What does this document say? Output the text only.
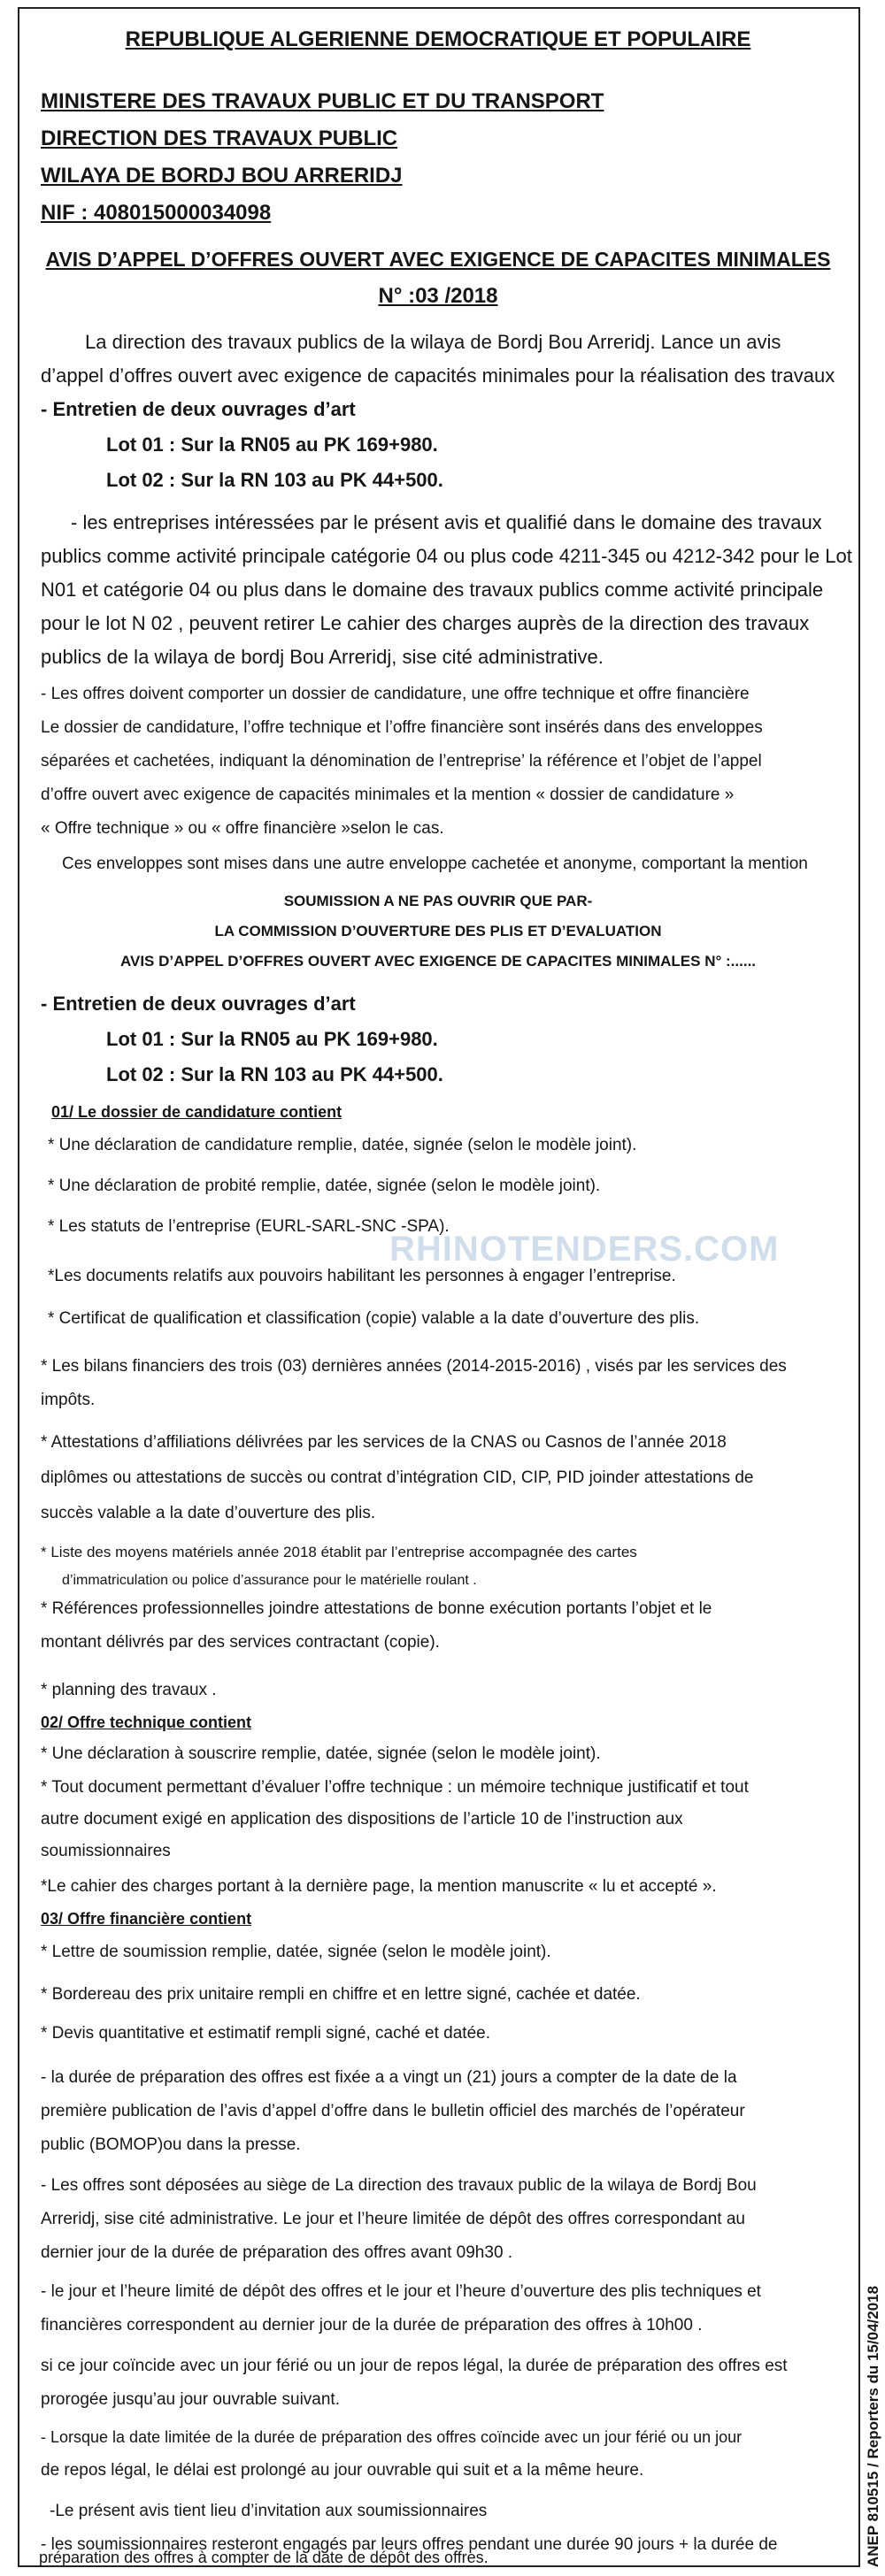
REPUBLIQUE ALGERIENNE DEMOCRATIQUE ET POPULAIRE
MINISTERE DES TRAVAUX PUBLIC ET DU TRANSPORT
DIRECTION DES TRAVAUX PUBLIC
WILAYA DE BORDJ BOU ARRERIDJ
NIF : 408015000034098
AVIS D’APPEL D’OFFRES OUVERT AVEC EXIGENCE DE CAPACITES MINIMALES
N° :03 /2018
La direction des travaux publics de la wilaya de Bordj Bou Arreridj. Lance un avis
d’appel d’offres ouvert avec exigence de capacités minimales pour la réalisation des travaux
- Entretien de deux ouvrages d’art
Lot 01 : Sur la RN05 au PK 169+980.
Lot 02 : Sur la RN 103 au PK 44+500.
- les entreprises intéressées par le présent avis et qualifié dans le domaine des travaux
publics comme activité principale catégorie 04 ou plus code 4211-345 ou 4212-342 pour le Lot
N01 et catégorie 04 ou plus dans le domaine des travaux publics comme activité principale
pour le lot N 02 , peuvent retirer Le cahier des charges auprès de la direction des travaux
publics de la wilaya de bordj Bou Arreridj, sise cité administrative.
- Les offres doivent comporter un dossier de candidature, une offre technique et offre financière
Le dossier de candidature, l’offre technique et l’offre financière sont insérés dans des enveloppes
séparées et cachetées, indiquant la dénomination de l’entreprise’ la référence et l’objet de l’appel
d’offre ouvert avec exigence de capacités minimales et la mention « dossier de candidature »
« Offre technique » ou « offre financière »selon le cas.
Ces enveloppes sont mises dans une autre enveloppe cachetée et anonyme, comportant la mention
SOUMISSION A NE PAS OUVRIR QUE PAR-
LA COMMISSION D’OUVERTURE DES PLIS ET D’EVALUATION
AVIS D’APPEL D’OFFRES OUVERT AVEC EXIGENCE DE CAPACITES MINIMALES N° :......
- Entretien de deux ouvrages d’art
Lot 01 : Sur la RN05 au PK 169+980.
Lot 02 : Sur la RN 103 au PK 44+500.
01/ Le dossier de candidature contient
* Une déclaration de candidature remplie, datée, signée (selon le modèle joint).
* Une déclaration de probité remplie, datée, signée (selon le modèle joint).
* Les statuts de l’entreprise (EURL-SARL-SNC -SPA).
*Les documents relatifs aux pouvoirs habilitant les personnes à engager l’entreprise.
* Certificat de qualification et classification (copie) valable a la date d’ouverture des plis.
* Les bilans financiers des trois (03) dernières années (2014-2015-2016) , visés par les services des
impôts.
* Attestations d’affiliations délivrées par les services de la CNAS ou Casnos de l’année 2018
diplômes ou attestations de succès ou contrat d’intégration CID, CIP, PID joinder attestations de
succès valable a la date d’ouverture des plis.
* Liste des moyens matériels année 2018 établit par l’entreprise accompagnée des cartes
d’immatriculation ou police d’assurance pour le matérielle roulant .
* Références professionnelles joindre attestations de bonne exécution portants l’objet et le
montant délivrés par des services contractant (copie).
* planning des travaux .
02/ Offre technique contient
* Une déclaration à souscrire remplie, datée, signée (selon le modèle joint).
* Tout document permettant d’évaluer l’offre technique : un mémoire technique justificatif et tout
autre document exigé en application des dispositions de l’article 10 de l’instruction aux
soumissionnaires
*Le cahier des charges portant à la dernière page, la mention manuscrite « lu et accepté ».
03/ Offre financière contient
* Lettre de soumission remplie, datée, signée (selon le modèle joint).
* Bordereau des prix unitaire rempli en chiffre et en lettre signé, cachée et datée.
* Devis quantitative et estimatif rempli signé, caché et datée.
- la durée de préparation des offres est fixée a a vingt un (21) jours a compter de la date de la
première publication de l’avis d’appel d’offre dans le bulletin officiel des marchés de l’opérateur
public (BOMOP)ou dans la presse.
- Les offres sont déposées au siège de La direction des travaux public de la wilaya de Bordj Bou
Arreridj, sise cité administrative. Le jour et l’heure limitée de dépôt des offres correspondant au
dernier jour de la durée de préparation des offres avant 09h30 .
- le jour et l’heure limité de dépôt des offres et le jour et l’heure d’ouverture des plis techniques et
financières correspondent au dernier jour de la durée de préparation des offres à 10h00 .
si ce jour coïncide avec un jour férié ou un jour de repos légal, la durée de préparation des offres est
prorogée jusqu’au jour ouvrable suivant.
- Lorsque la date limitée de la durée de préparation des offres coïncide avec un jour férié ou un jour
de repos légal, le délai est prolongé au jour ouvrable qui suit et a la même heure.
-Le présent avis tient lieu d’invitation aux soumissionnaires
- les soumissionnaires resteront engagés par leurs offres pendant une durée 90 jours + la durée de
RHINOTENDERS.COM
préparation des offres à compter de la date de dépôt des offres.	ANEP 810515 / Reporters du 15/04/2018
